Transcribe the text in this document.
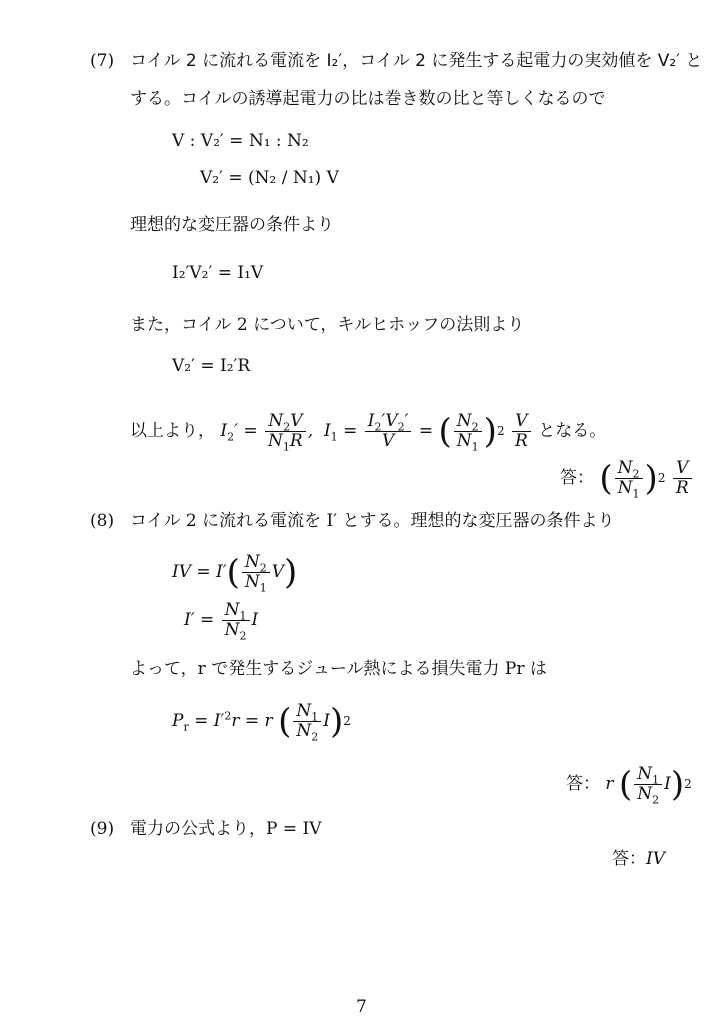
(7) コイル 2 に流れる電流を I₂′，コイル 2 に発生する起電力の実効値を V₂′ と
する。コイルの誘導起電力の比は巻き数の比と等しくなるので
V : V₂′ = N₁ : N₂
V₂′ = (N₂ / N₁) V
理想的な変圧器の条件より
I₂′V₂′ = I₁V
また，コイル 2 について，キルヒホッフの法則より
V₂′ = I₂′R
以上より， $I_2' = \frac{N_2V}{N_1R}$ ,  $I_1 = \frac{I_2'V_2'}{V}$ = ( $\frac{N_2}{N_1} )^2 \frac{V}{R}$ となる。
答： ( $\frac{N_2}{N_1} )^2 \frac{V}{R}$
(8) コイル 2 に流れる電流を I′ とする。理想的な変圧器の条件より
IV = $I'( \frac{N_2}{N_1} V)$
$I' = \frac{N_1}{N_2}$ I
よって，r で発生するジュール熱による損失電力 Pr は
$P_r = I'^2r = r$ ( $\frac{N_1}{N_2} I)^2$
答： r ( $\frac{N_1}{N_2} I)^2$
(9) 電力の公式より，P = IV
答：IV
7
